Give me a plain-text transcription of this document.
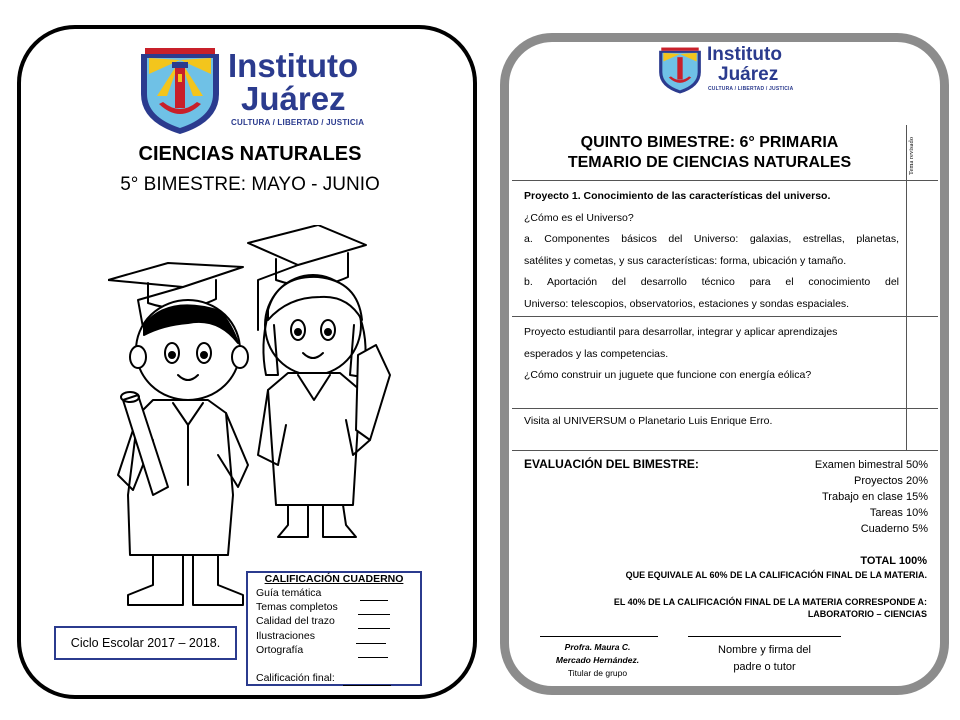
Instituto
Juárez
CULTURA / LIBERTAD / JUSTICIA
CIENCIAS NATURALES
5° BIMESTRE: MAYO - JUNIO
Ciclo Escolar 2017 – 2018.
CALIFICACIÓN CUADERNO
Guía temática
Temas completos
Calidad del trazo
Ilustraciones
Ortografía
Calificación final:
Instituto
Juárez
CULTURA / LIBERTAD / JUSTICIA
QUINTO BIMESTRE: 6° PRIMARIA
TEMARIO DE CIENCIAS NATURALES	Tema revisado
Proyecto 1. Conocimiento de las características del universo.
¿Cómo es el Universo?
a. Componentes básicos del Universo: galaxias, estrellas, planetas,
satélites y cometas, y sus características: forma, ubicación y tamaño.
b. Aportación del desarrollo técnico para el conocimiento del
Universo: telescopios, observatorios, estaciones y sondas espaciales.
Proyecto estudiantil para desarrollar, integrar y aplicar aprendizajes
esperados y las competencias.
¿Cómo construir un juguete que funcione con energía eólica?
Visita al UNIVERSUM o Planetario Luis Enrique Erro.
EVALUACIÓN DEL BIMESTRE:	Examen bimestral 50%
Proyectos 20%
Trabajo en clase 15%
Tareas 10%
Cuaderno 5%
TOTAL 100%
QUE EQUIVALE AL 60% DE LA CALIFICACIÓN FINAL DE LA MATERIA.
EL 40% DE LA CALIFICACIÓN FINAL DE LA MATERIA CORRESPONDE A:
LABORATORIO – CIENCIAS
Profra. Maura C.
Mercado Hernández.
Titular de grupo
Nombre y firma del
padre o tutor
